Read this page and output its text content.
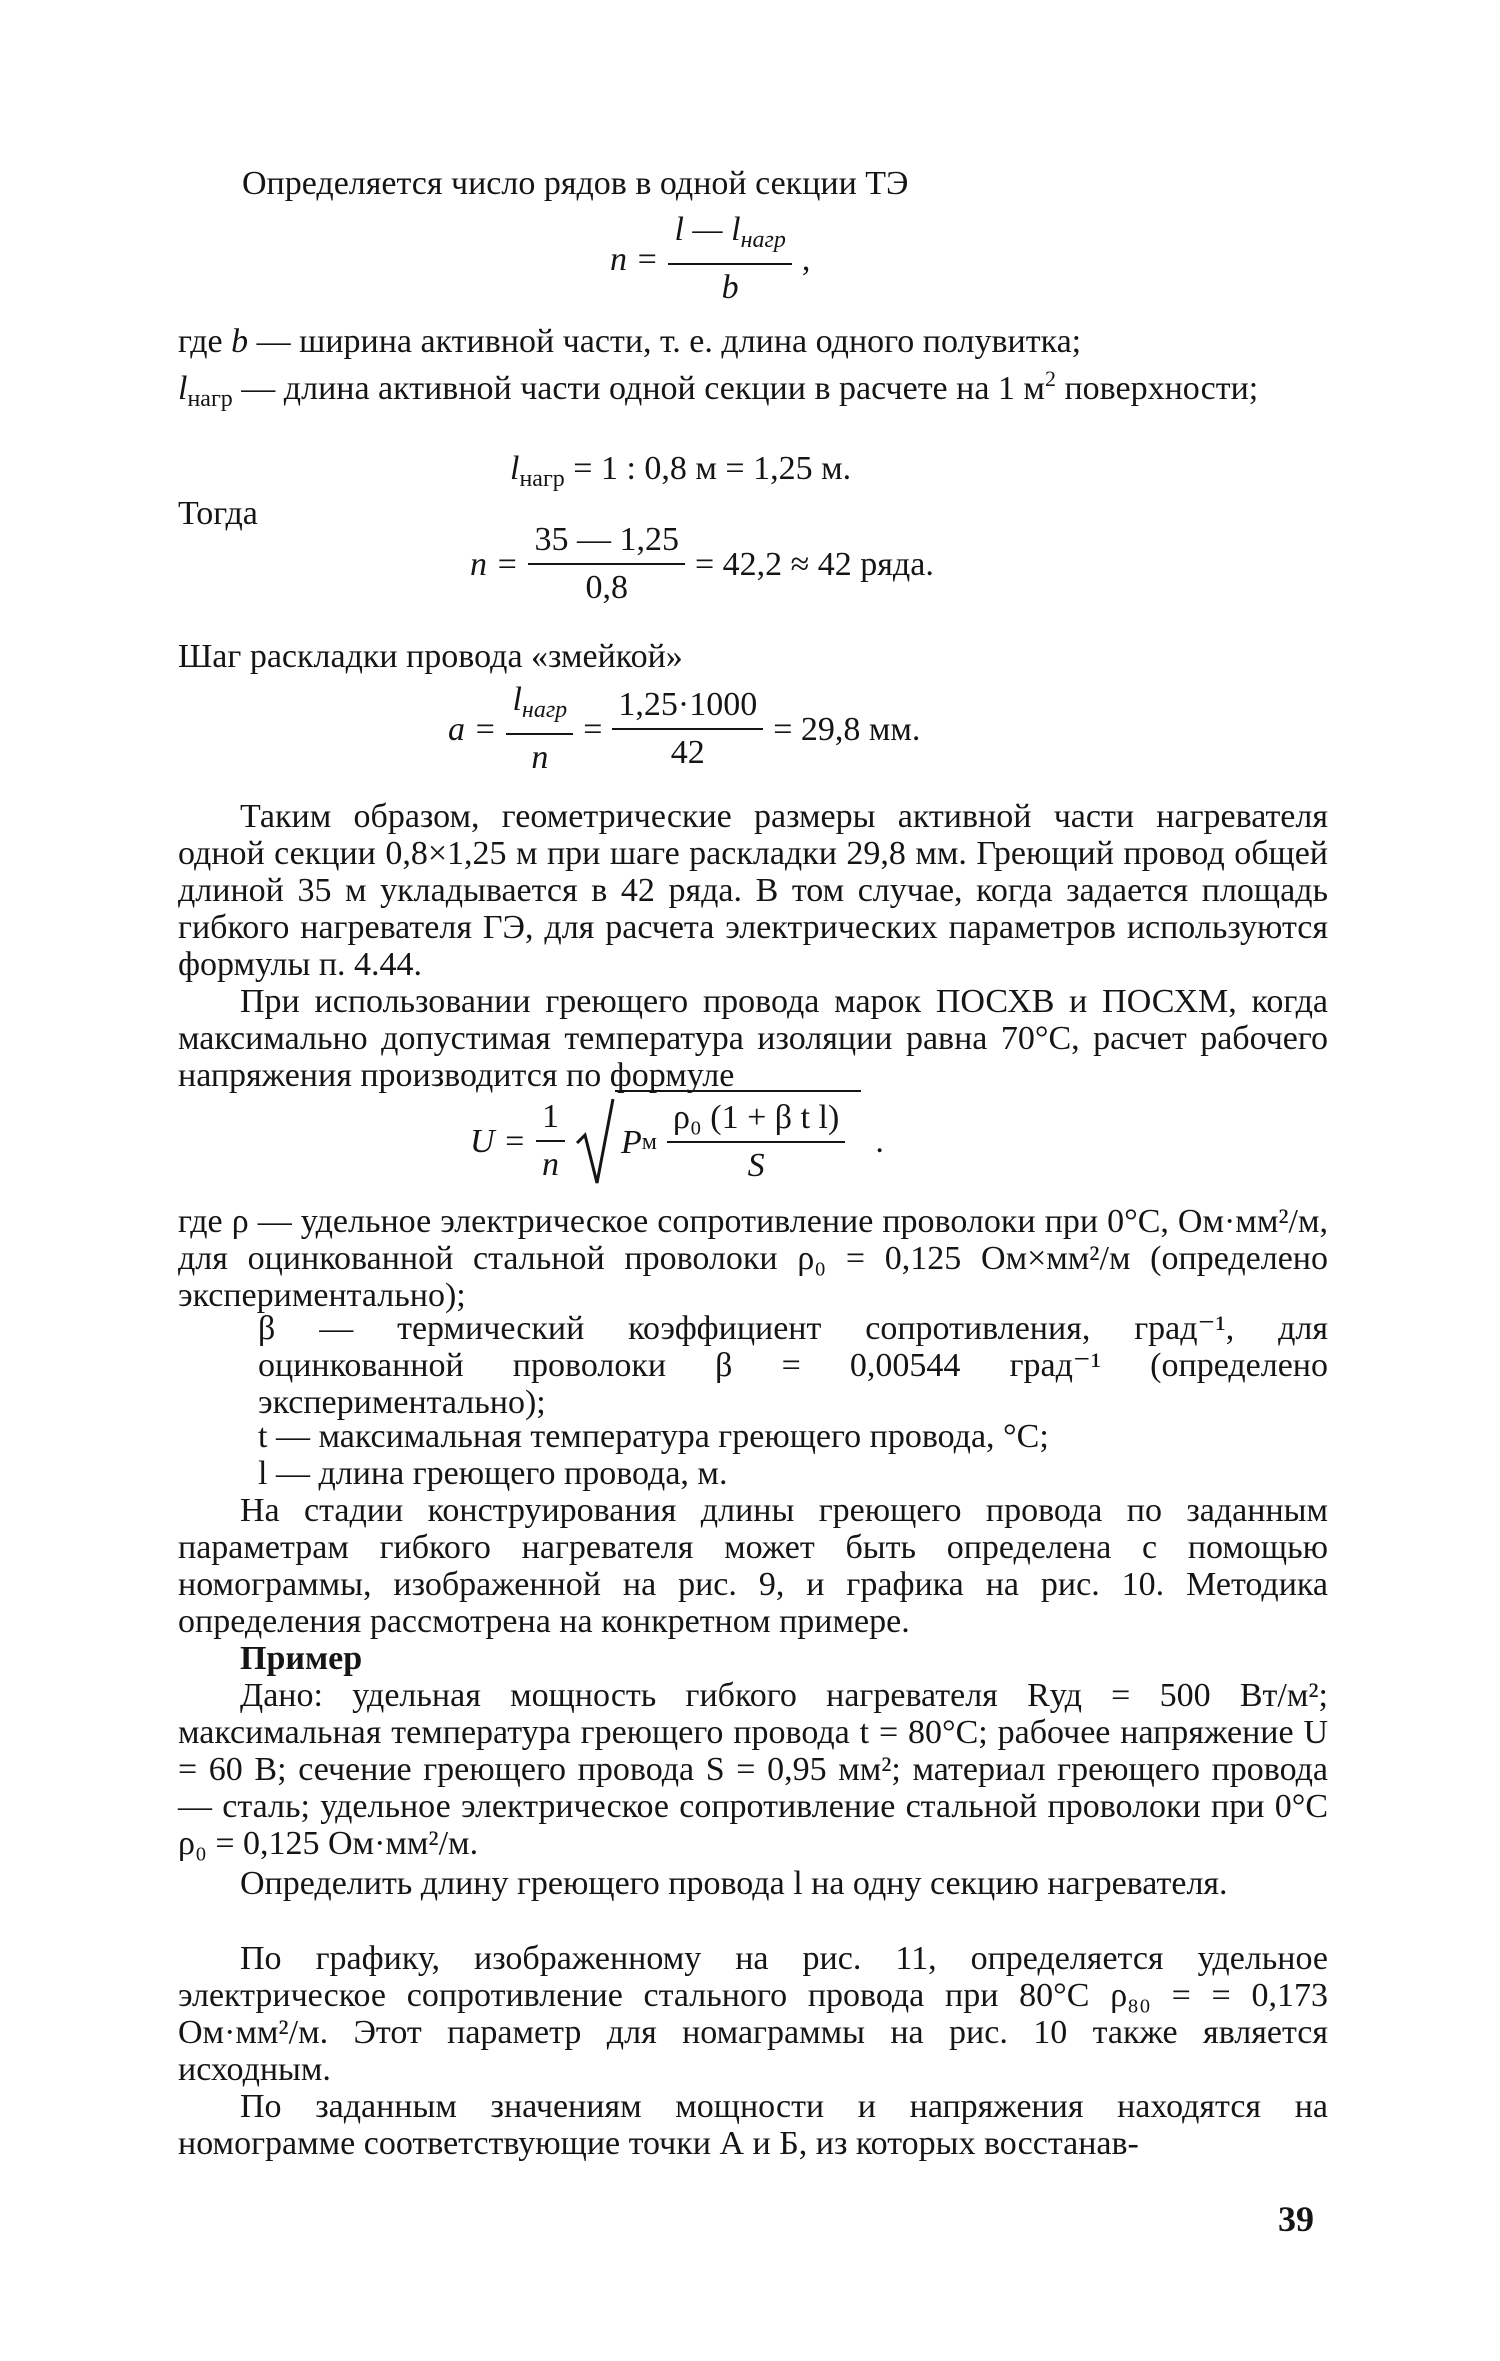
Определяется число рядов в одной секции ТЭ
$n = \frac{l — l_{нагр}}{b}$ ,
где b — ширина активной части, т. е. длина одного полувитка;
$l_{нагр}$ — длина активной части одной секции в расчете на 1 $м^2$ поверхности;
$l_{нагр} = 1$ : 0,8 м = 1,25 м.
Тогда
$n = \frac{35 — 1,25}{0,8} = 42,2 \approx 42$ ряда.
Шаг раскладки провода «змейкой»
$a = \frac{l_{нагр}}{n} = \frac{1,25\cdot 1000}{42} = 29,8$ мм.
Таким образом, геометрические размеры активной части нагревателя одной секции 0,8×1,25 м при шаге раскладки 29,8 мм. Греющий провод общей длиной 35 м укладывается в 42 ряда. В том случае, когда задается площадь гибкого нагревателя ГЭ, для расчета электрических параметров используются формулы п. 4.44.
При использовании греющего провода марок ПОСХВ и ПОСХМ, когда максимально допустимая температура изоляции равна 70°С, расчет рабочего напряжения производится по формуле
$U = \frac{1}{n}$ P м $\frac{\text{ρ₀ (1 + β t l)}}{S}$ .
где ρ — удельное электрическое сопротивление проволоки при 0°С, Ом·мм²/м, для оцинкованной стальной проволоки ρ₀ = 0,125 Ом×мм²/м (определено экспериментально);
β — термический коэффициент сопротивления, град⁻¹, для оцинкованной проволоки β = 0,00544 град⁻¹ (определено экспериментально);
t — максимальная температура греющего провода, °С;
l — длина греющего провода, м.
На стадии конструирования длины греющего провода по заданным параметрам гибкого нагревателя может быть определена с помощью номограммы, изображенной на рис. 9, и графика на рис. 10. Методика определения рассмотрена на конкретном примере.
Пример
Дано: удельная мощность гибкого нагревателя Rуд = 500 Вт/м²; максимальная температура греющего провода t = 80°С; рабочее напряжение U = 60 В; сечение греющего провода S = 0,95 мм²; материал греющего провода — сталь; удельное электрическое сопротивление стальной проволоки при 0°С ρ₀ = 0,125 Ом·мм²/м.
Определить длину греющего провода l на одну секцию нагревателя.
По графику, изображенному на рис. 11, определяется удельное электрическое сопротивление стального провода при 80°С ρ₈₀ = = 0,173 Ом·мм²/м. Этот параметр для номаграммы на рис. 10 также является исходным.
По заданным значениям мощности и напряжения находятся на номограмме соответствующие точки А и Б, из которых восстанав-
39
